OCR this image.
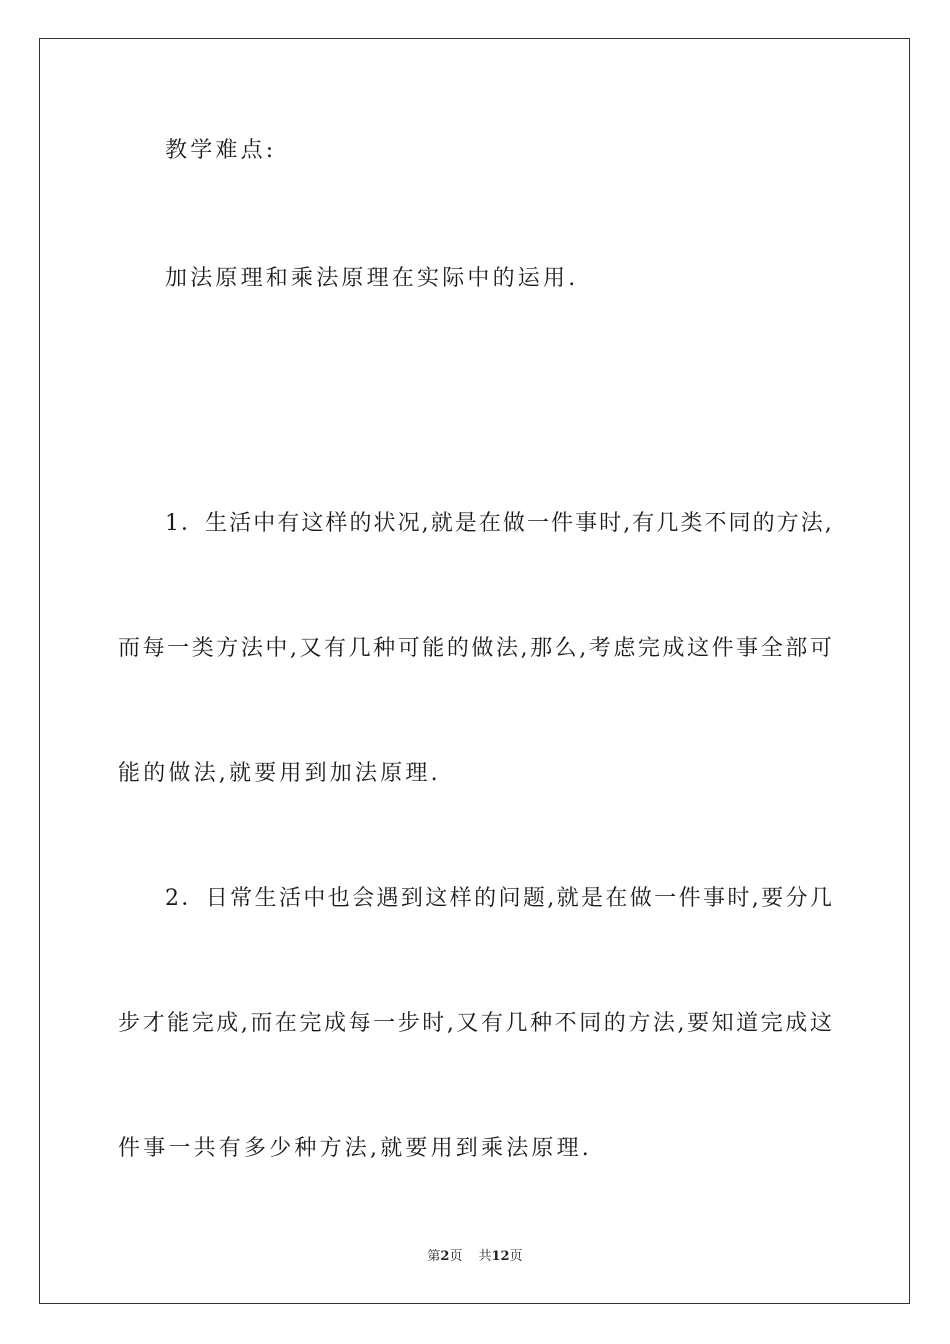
教学难点:
加法原理和乘法原理在实际中的运用.
1 ． 生 活 中 有 这 样 的 状 况 , 就 是 在 做 一 件 事 时 , 有 几 类 不 同 的 方 法 ,
而 每 一 类 方 法 中 , 又 有 几 种 可 能 的 做 法 , 那 么 , 考 虑 完 成 这 件 事 全 部 可
能的做法,就要用到加法原理.
2 ． 日 常 生 活 中 也 会 遇 到 这 样 的 问 题 , 就 是 在 做 一 件 事 时 , 要 分 几
步 才 能 完 成 , 而 在 完 成 每 一 步 时 , 又 有 几 种 不 同 的 方 法 , 要 知 道 完 成 这
件事一共有多少种方法,就要用到乘法原理.
第2页 共12页
